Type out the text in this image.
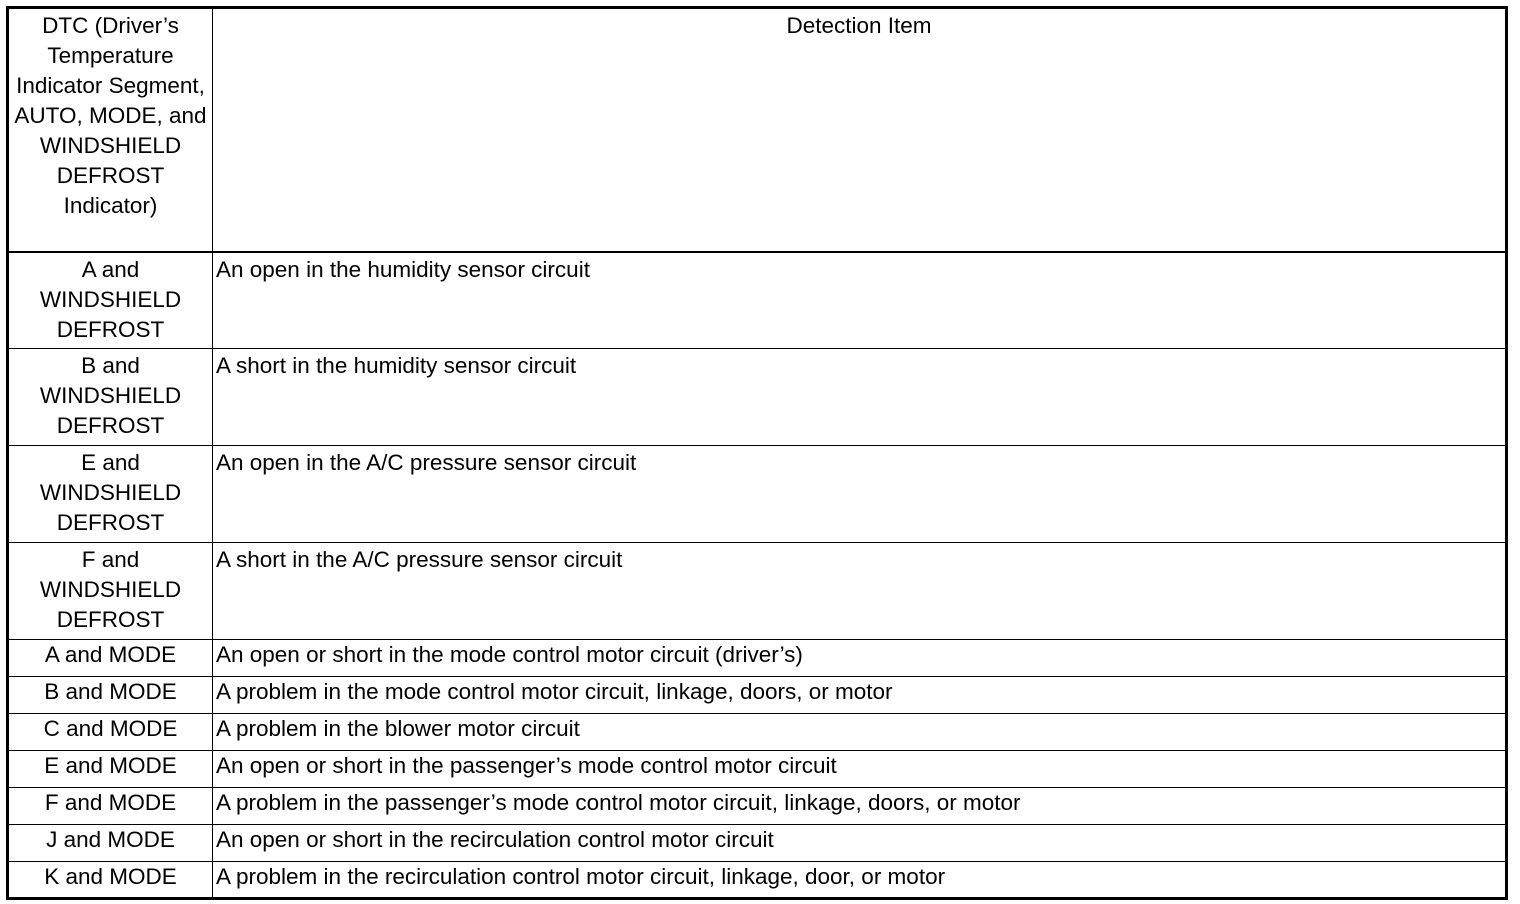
DTC (Driver’s Temperature Indicator Segment, AUTO, MODE, and WINDSHIELD DEFROST Indicator)	Detection Item
A and WINDSHIELD DEFROST	An open in the humidity sensor circuit
B and WINDSHIELD DEFROST	A short in the humidity sensor circuit
E and WINDSHIELD DEFROST	An open in the A/C pressure sensor circuit
F and WINDSHIELD DEFROST	A short in the A/C pressure sensor circuit
A and MODE	An open or short in the mode control motor circuit (driver’s)
B and MODE	A problem in the mode control motor circuit, linkage, doors, or motor
C and MODE	A problem in the blower motor circuit
E and MODE	An open or short in the passenger’s mode control motor circuit
F and MODE	A problem in the passenger’s mode control motor circuit, linkage, doors, or motor
J and MODE	An open or short in the recirculation control motor circuit
K and MODE	A problem in the recirculation control motor circuit, linkage, door, or motor
